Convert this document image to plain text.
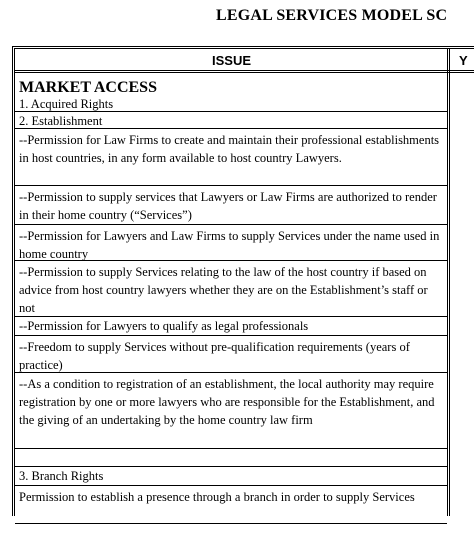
LEGAL SERVICES MODEL SC
ISSUE	Y
MARKET ACCESS
1. Acquired Rights
2. Establishment
--Permission for Law Firms to create and maintain their professional establishments in host countries, in any form available to host country Lawyers.
--Permission to supply services that Lawyers or Law Firms are authorized to render in their home country (“Services”)
--Permission for Lawyers and Law Firms to supply Services under the name used in home country
--Permission to supply Services relating to the law of the host country if based on advice from host country lawyers whether they are on the Establishment’s staff or not
--Permission for Lawyers to qualify as legal professionals
--Freedom to supply Services without pre-qualification requirements (years of practice)
--As a condition to registration of an establishment, the local authority may require registration by one or more lawyers who are responsible for the Establishment, and the giving of an undertaking by the home country law firm
3. Branch Rights
Permission to establish a presence through a branch in order to supply Services
